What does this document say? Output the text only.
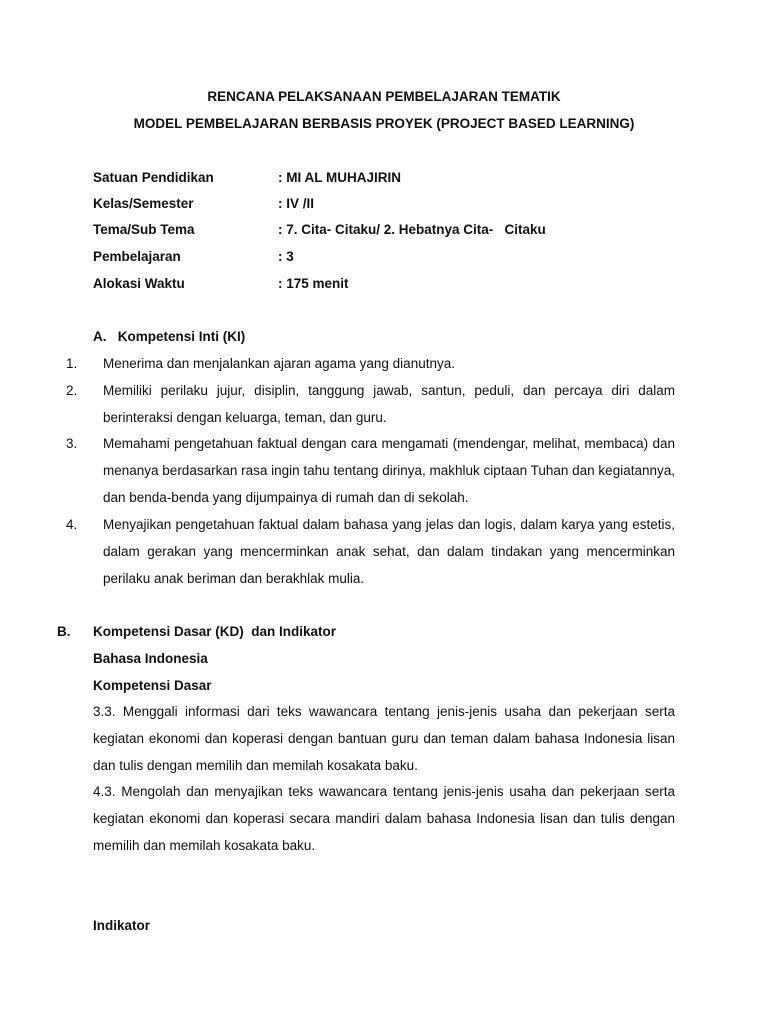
RENCANA PELAKSANAAN PEMBELAJARAN TEMATIK
MODEL PEMBELAJARAN BERBASIS PROYEK (PROJECT BASED LEARNING)
Satuan Pendidikan	: MI AL MUHAJIRIN
Kelas/Semester	: IV /II
Tema/Sub Tema	: 7. Cita- Citaku/ 2. Hebatnya Cita-   Citaku
Pembelajaran	: 3
Alokasi Waktu	: 175 menit
A.   Kompetensi Inti (KI)
1. Menerima dan menjalankan ajaran agama yang dianutnya.
2. Memiliki perilaku jujur, disiplin, tanggung jawab, santun, peduli, dan percaya diri dalam berinteraksi dengan keluarga, teman, dan guru.
3. Memahami pengetahuan faktual dengan cara mengamati (mendengar, melihat, membaca) dan menanya berdasarkan rasa ingin tahu tentang dirinya, makhluk ciptaan Tuhan dan kegiatannya, dan benda-benda yang dijumpainya di rumah dan di sekolah.
4. Menyajikan pengetahuan faktual dalam bahasa yang jelas dan logis, dalam karya yang estetis, dalam gerakan yang mencerminkan anak sehat, dan dalam tindakan yang mencerminkan perilaku anak beriman dan berakhlak mulia.
B. Kompetensi Dasar (KD)  dan Indikator
Bahasa Indonesia
Kompetensi Dasar
3.3. Menggali informasi dari teks wawancara tentang jenis-jenis usaha dan pekerjaan serta kegiatan ekonomi dan koperasi dengan bantuan guru dan teman dalam bahasa Indonesia lisan dan tulis dengan memilih dan memilah kosakata baku.
4.3. Mengolah dan menyajikan teks wawancara tentang jenis-jenis usaha dan pekerjaan serta kegiatan ekonomi dan koperasi secara mandiri dalam bahasa Indonesia lisan dan tulis dengan memilih dan memilah kosakata baku.
Indikator
